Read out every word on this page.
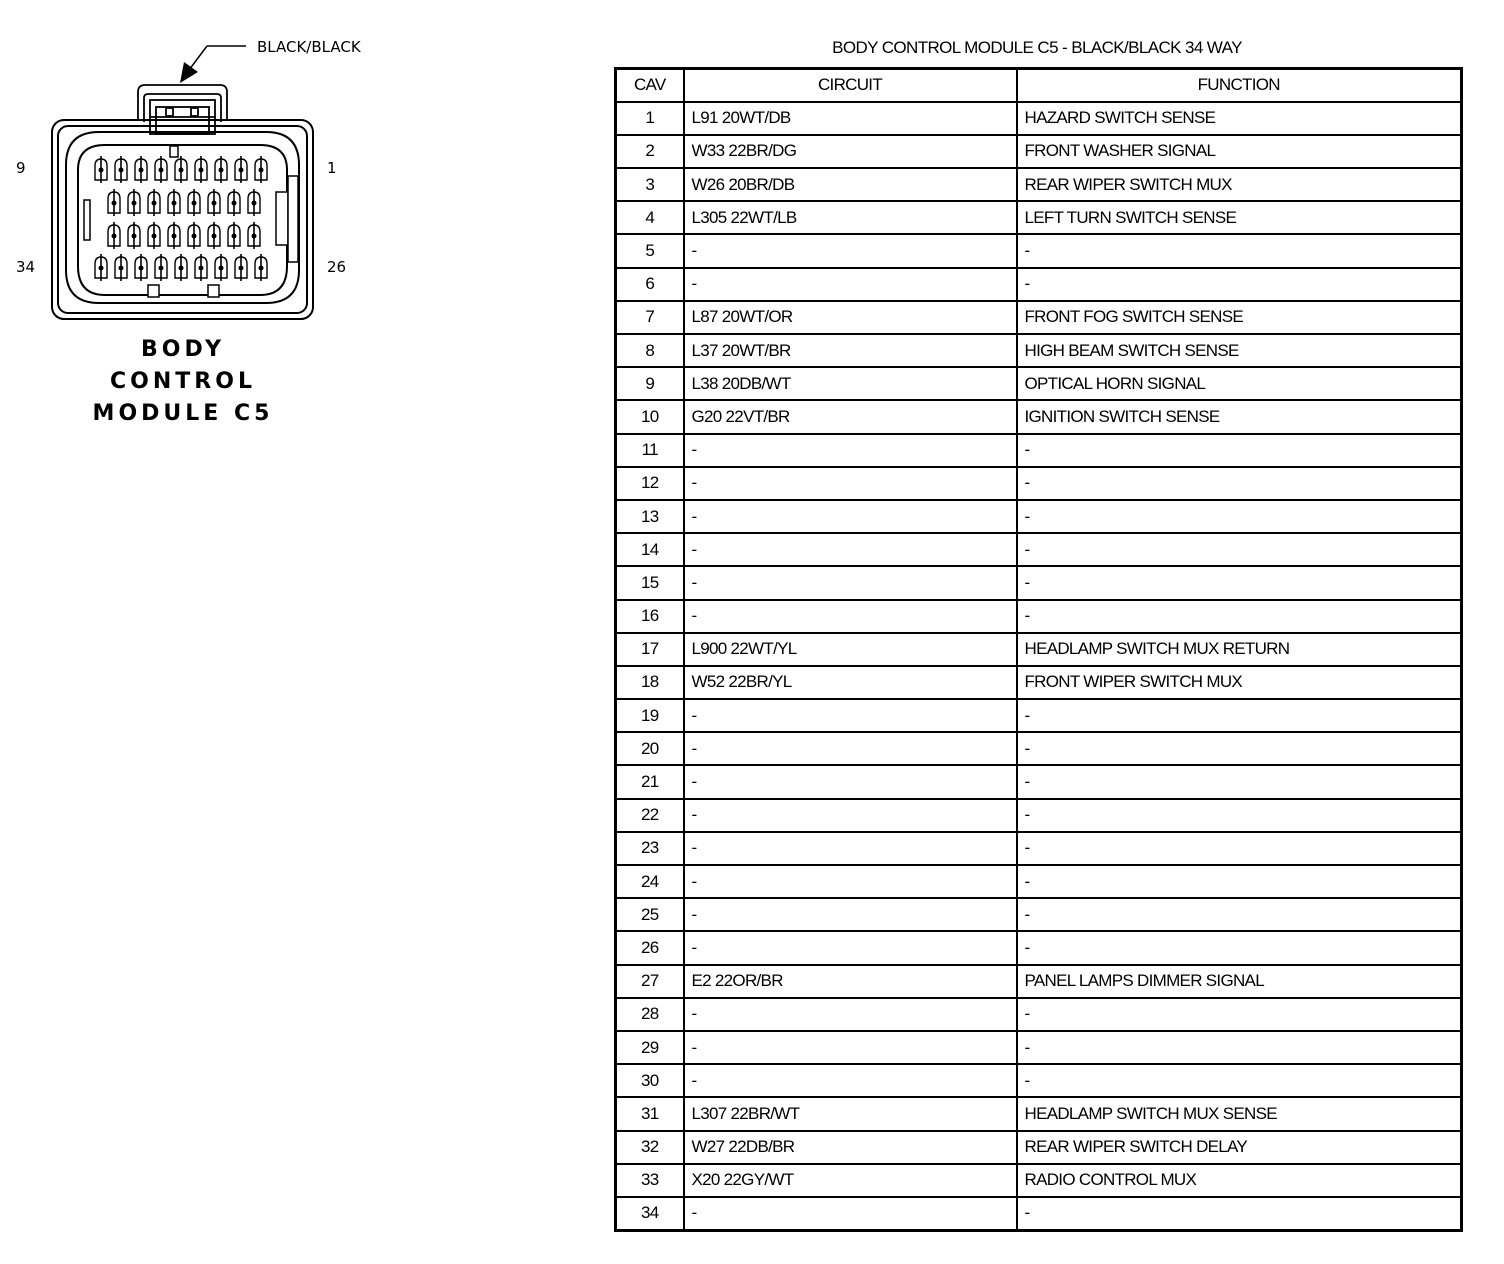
BLACK/BLACK
9	1
34	26
BODY
CONTROL
MODULE C5
BODY CONTROL MODULE C5 - BLACK/BLACK 34 WAY
CAV	CIRCUIT	FUNCTION
1	L91 20WT/DB	HAZARD SWITCH SENSE
2	W33 22BR/DG	FRONT WASHER SIGNAL
3	W26 20BR/DB	REAR WIPER SWITCH MUX
4	L305 22WT/LB	LEFT TURN SWITCH SENSE
5	-	-
6	-	-
7	L87 20WT/OR	FRONT FOG SWITCH SENSE
8	L37 20WT/BR	HIGH BEAM SWITCH SENSE
9	L38 20DB/WT	OPTICAL HORN SIGNAL
10	G20 22VT/BR	IGNITION SWITCH SENSE
11	-	-
12	-	-
13	-	-
14	-	-
15	-	-
16	-	-
17	L900 22WT/YL	HEADLAMP SWITCH MUX RETURN
18	W52 22BR/YL	FRONT WIPER SWITCH MUX
19	-	-
20	-	-
21	-	-
22	-	-
23	-	-
24	-	-
25	-	-
26	-	-
27	E2 22OR/BR	PANEL LAMPS DIMMER SIGNAL
28	-	-
29	-	-
30	-	-
31	L307 22BR/WT	HEADLAMP SWITCH MUX SENSE
32	W27 22DB/BR	REAR WIPER SWITCH DELAY
33	X20 22GY/WT	RADIO CONTROL MUX
34	-	-
